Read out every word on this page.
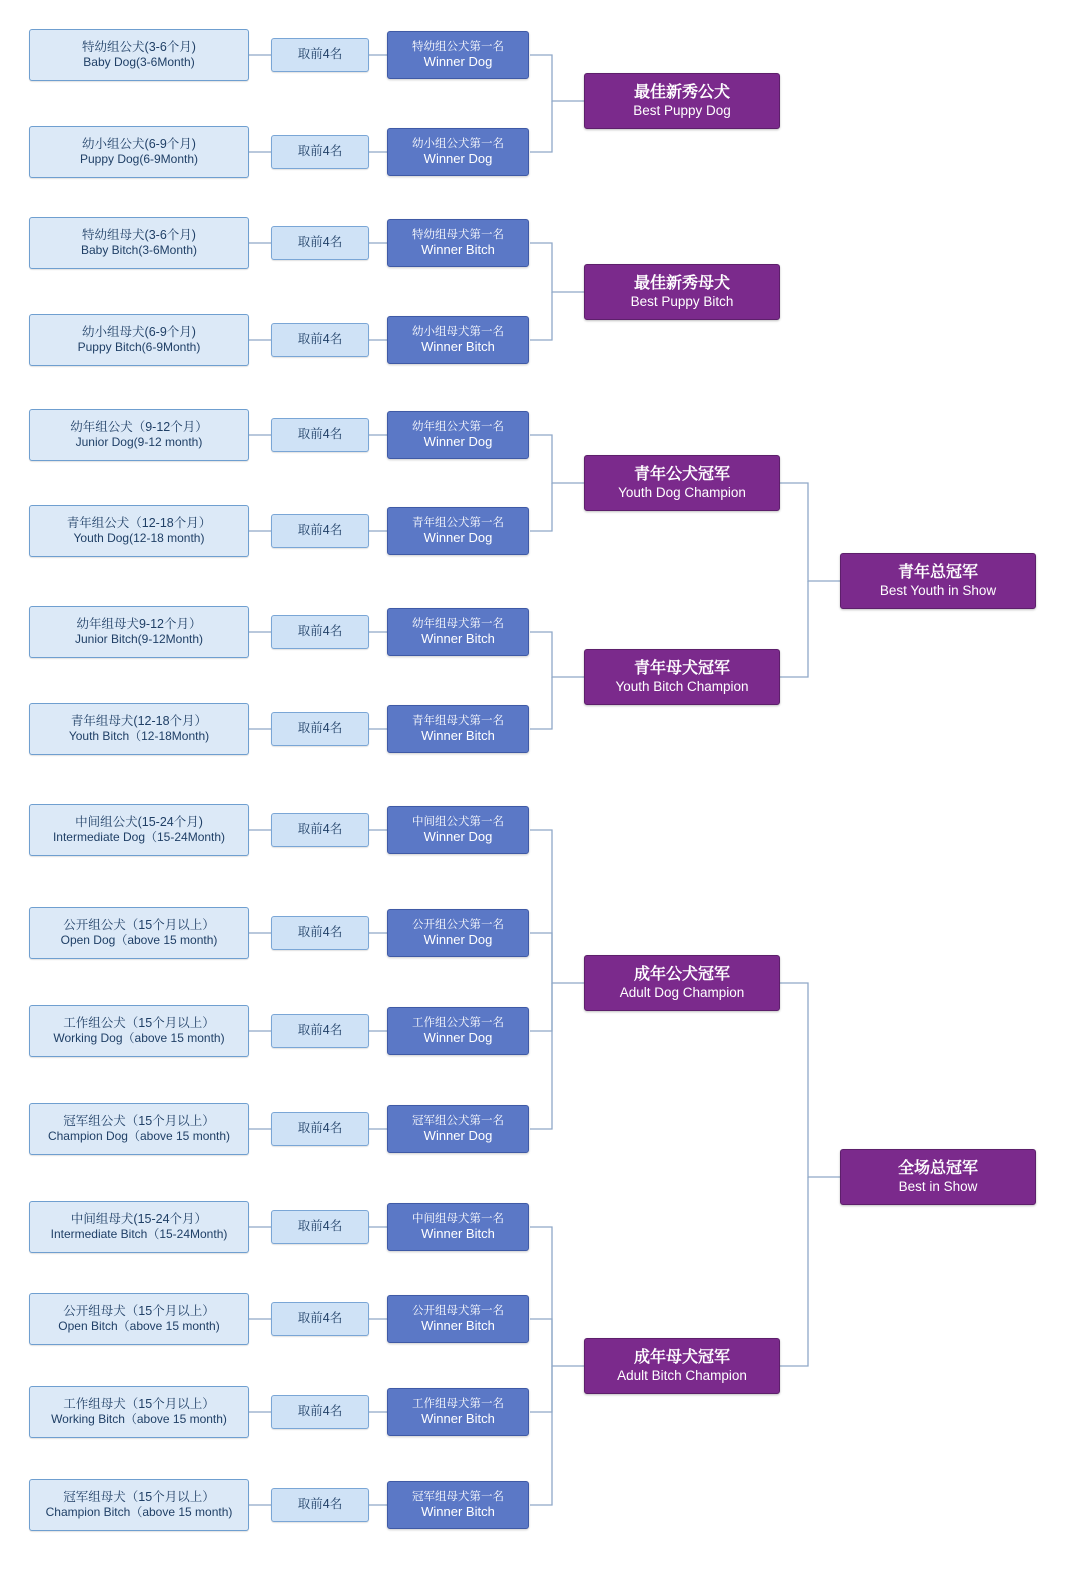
特幼组公犬(3-6个月)
Baby Dog(3-6Month)
幼小组公犬(6-9个月)
Puppy Dog(6-9Month)
特幼组母犬(3-6个月)
Baby Bitch(3-6Month)
幼小组母犬(6-9个月)
Puppy Bitch(6-9Month)
幼年组公犬（9-12个月）
Junior Dog(9-12 month)
青年组公犬（12-18个月）
Youth Dog(12-18 month)
幼年组母犬9-12个月）
Junior Bitch(9-12Month)
青年组母犬(12-18个月）
Youth Bitch（12-18Month)
中间组公犬(15-24个月)
Intermediate Dog（15-24Month)
公开组公犬（15个月以上）
Open Dog（above 15 month)
工作组公犬（15个月以上）
Working Dog（above 15 month)
冠军组公犬（15个月以上）
Champion Dog（above 15 month)
中间组母犬(15-24个月）
Intermediate Bitch（15-24Month)
公开组母犬（15个月以上）
Open Bitch（above 15 month)
工作组母犬（15个月以上）
Working Bitch（above 15 month)
冠军组母犬（15个月以上）
Champion Bitch（above 15 month)
取前4名
取前4名
取前4名
取前4名
取前4名
取前4名
取前4名
取前4名
取前4名
取前4名
取前4名
取前4名
取前4名
取前4名
取前4名
取前4名
特幼组公犬第一名
Winner Dog
幼小组公犬第一名
Winner Dog
特幼组母犬第一名
Winner Bitch
幼小组母犬第一名
Winner Bitch
幼年组公犬第一名
Winner Dog
青年组公犬第一名
Winner Dog
幼年组母犬第一名
Winner Bitch
青年组母犬第一名
Winner Bitch
中间组公犬第一名
Winner Dog
公开组公犬第一名
Winner Dog
工作组公犬第一名
Winner Dog
冠军组公犬第一名
Winner Dog
中间组母犬第一名
Winner Bitch
公开组母犬第一名
Winner Bitch
工作组母犬第一名
Winner Bitch
冠军组母犬第一名
Winner Bitch
最佳新秀公犬
Best Puppy Dog
最佳新秀母犬
Best Puppy Bitch
青年公犬冠军
Youth Dog Champion
青年母犬冠军
Youth Bitch Champion
青年总冠军
Best Youth in Show
成年公犬冠军
Adult Dog Champion
成年母犬冠军
Adult Bitch Champion
全场总冠军
Best in Show
